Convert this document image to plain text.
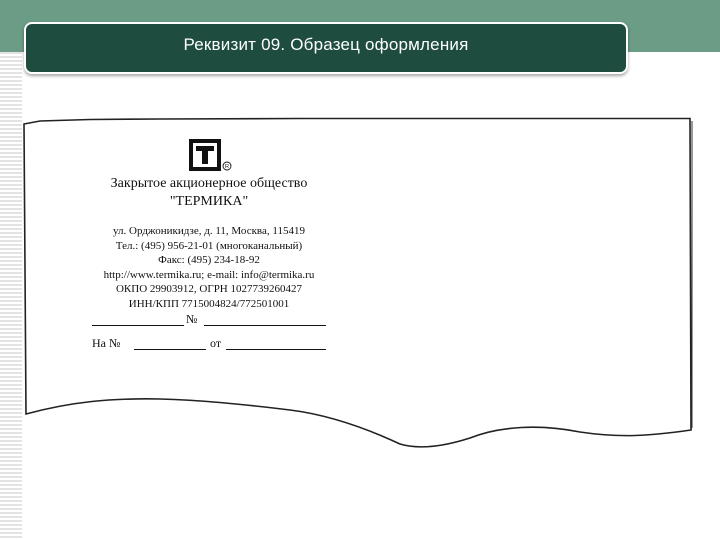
Реквизит 09. Образец оформления
R
Закрытое акционерное общество
"ТЕРМИКА"
ул. Орджоникидзе, д. 11, Москва, 115419
Тел.: (495) 956-21-01 (многоканальный)
Факс: (495) 234-18-92
http://www.termika.ru; e-mail: info@termika.ru
ОКПО 29903912, ОГРН 1027739260427
ИНН/КПП 7715004824/772501001
№
На №	от
